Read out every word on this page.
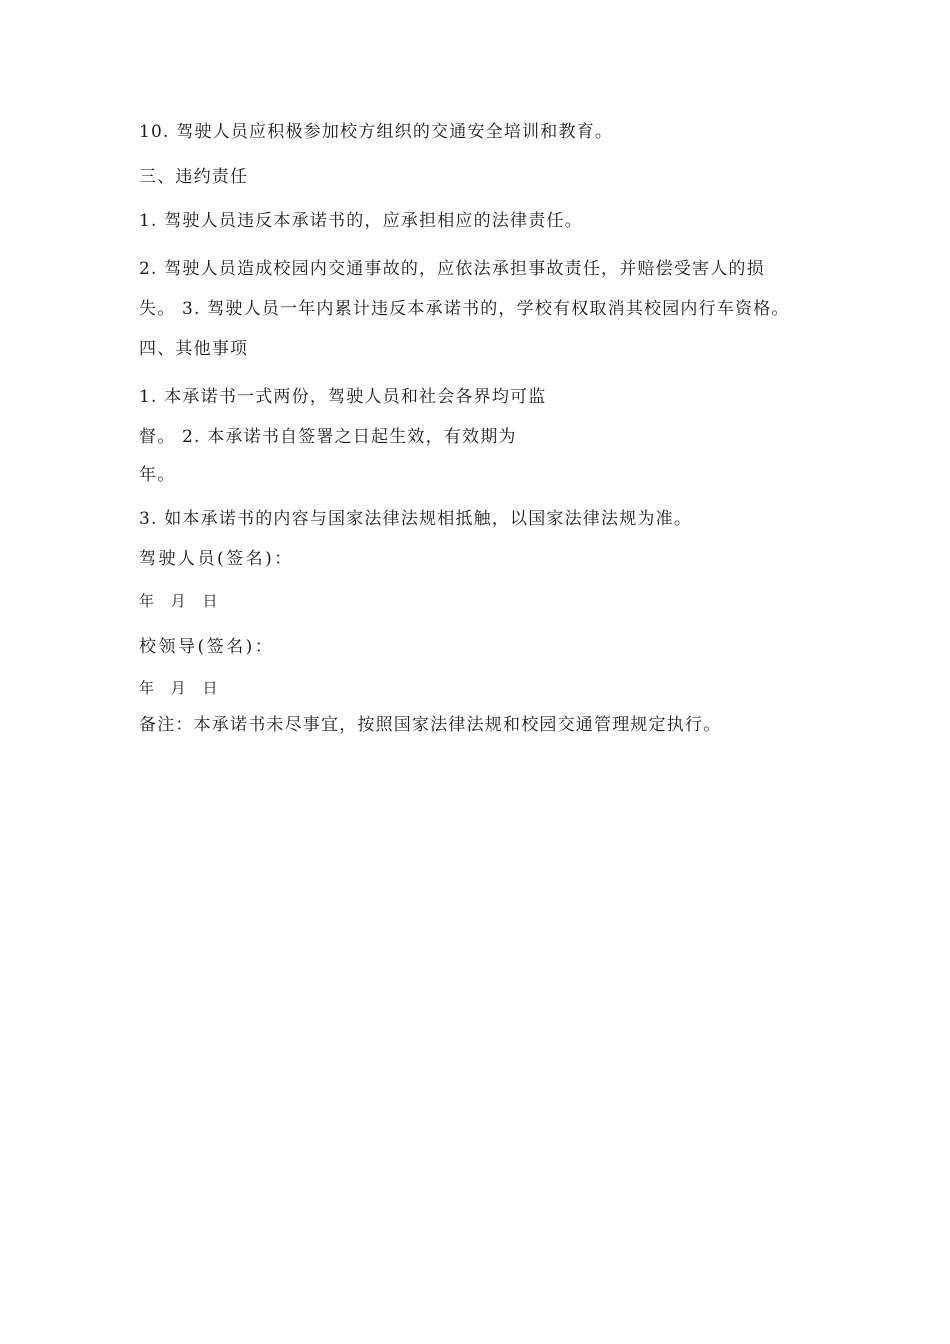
10. 驾驶人员应积极参加校方组织的交通安全培训和教育。
三、违约责任
1. 驾驶人员违反本承诺书的，应承担相应的法律责任。
2. 驾驶人员造成校园内交通事故的，应依法承担事故责任，并赔偿受害人的损
失。 3. 驾驶人员一年内累计违反本承诺书的，学校有权取消其校园内行车资格。
四、其他事项
1. 本承诺书一式两份，驾驶人员和社会各界均可监
督。 2. 本承诺书自签署之日起生效，有效期为
年。
3. 如本承诺书的内容与国家法律法规相抵触，以国家法律法规为准。
驾驶人员(签名)：
年 月 日
校领导(签名)：
年 月 日
备注：本承诺书未尽事宜，按照国家法律法规和校园交通管理规定执行。
